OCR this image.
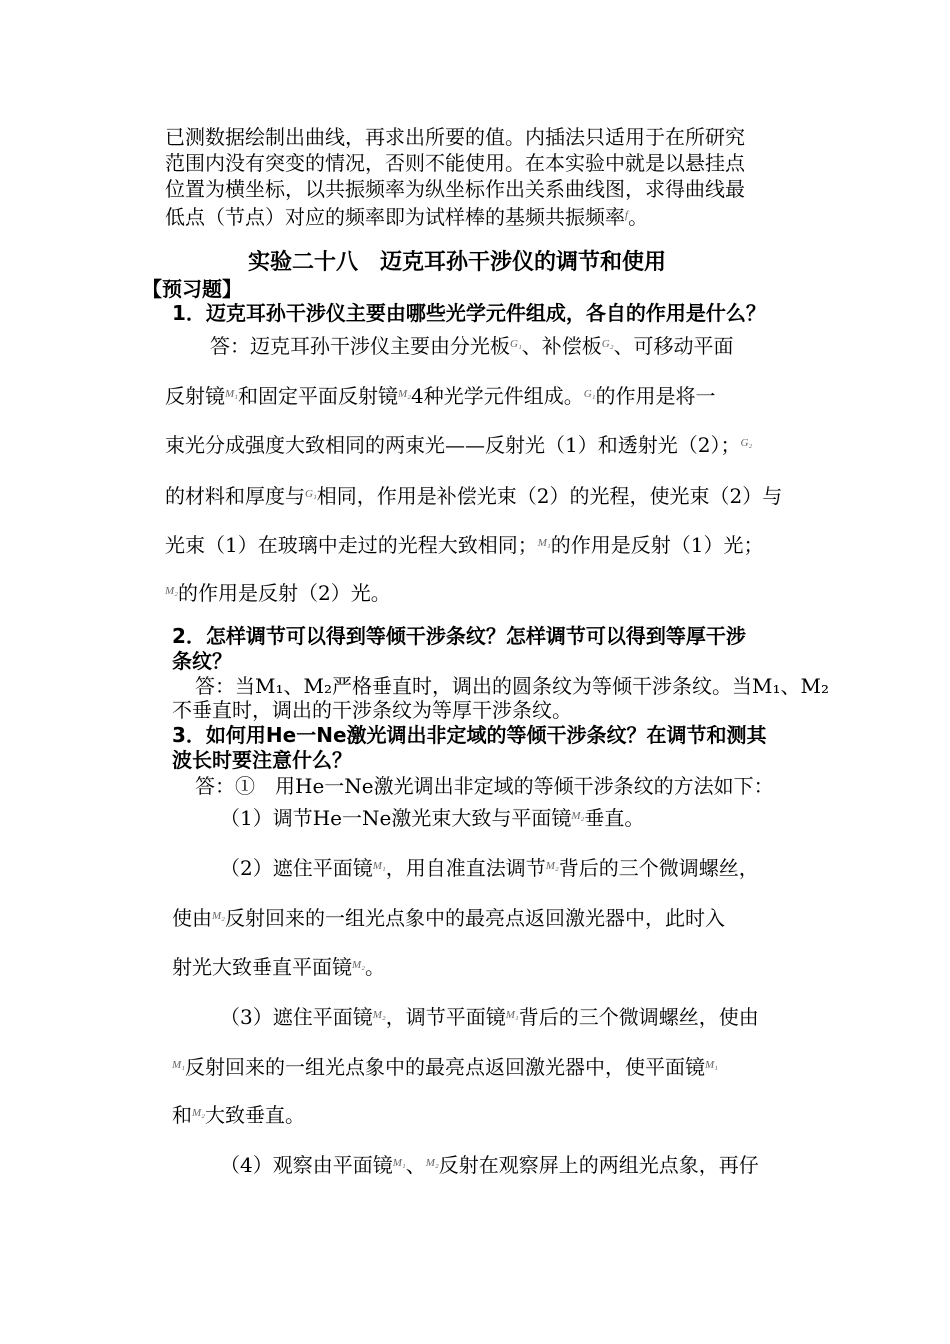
已测数据绘制出曲线，再求出所要的值。内插法只适用于在所研究
范围内没有突变的情况，否则不能使用。在本实验中就是以悬挂点
位置为横坐标，以共振频率为纵坐标作出关系曲线图，求得曲线最
低点（节点）对应的频率即为试样棒的基频共振频率$^f$。
实验二十八　迈克耳孙干涉仪的调节和使用
【预习题】
1．迈克耳孙干涉仪主要由哪些光学元件组成，各自的作用是什么？
答：迈克耳孙干涉仪主要由分光板$^{G_1}$、补偿板$^{G_2}$、可移动平面
反射镜$^{M_1}$和固定平面反射镜$^{M_2}$4种光学元件组成。$^{G_1}$的作用是将一
束光分成强度大致相同的两束光——反射光（1）和透射光（2）；$^{G_2}$
的材料和厚度与$^{G_1}$相同，作用是补偿光束（2）的光程，使光束（2）与
光束（1）在玻璃中走过的光程大致相同；$^{M_1}$的作用是反射（1）光；
$^{M_2}$的作用是反射（2）光。
2．怎样调节可以得到等倾干涉条纹？怎样调节可以得到等厚干涉
条纹？
答：当M₁、M₂严格垂直时，调出的圆条纹为等倾干涉条纹。当M₁、M₂
不垂直时，调出的干涉条纹为等厚干涉条纹。
3．如何用He一Ne激光调出非定域的等倾干涉条纹？在调节和测其
波长时要注意什么？
答：①　用He一Ne激光调出非定域的等倾干涉条纹的方法如下：
（1）调节He一Ne激光束大致与平面镜$^{M_2}$垂直。
（2）遮住平面镜$^{M_1}$，用自准直法调节$^{M_2}$背后的三个微调螺丝，
使由$^{M_2}$反射回来的一组光点象中的最亮点返回激光器中，此时入
射光大致垂直平面镜$^{M_2}$。
（3）遮住平面镜$^{M_2}$，调节平面镜$^{M_1}$背后的三个微调螺丝，使由
$^{M_1}$反射回来的一组光点象中的最亮点返回激光器中，使平面镜$^{M_1}$
和$^{M_2}$大致垂直。
（4）观察由平面镜$^{M_1}$、$^{M_2}$反射在观察屏上的两组光点象，再仔
